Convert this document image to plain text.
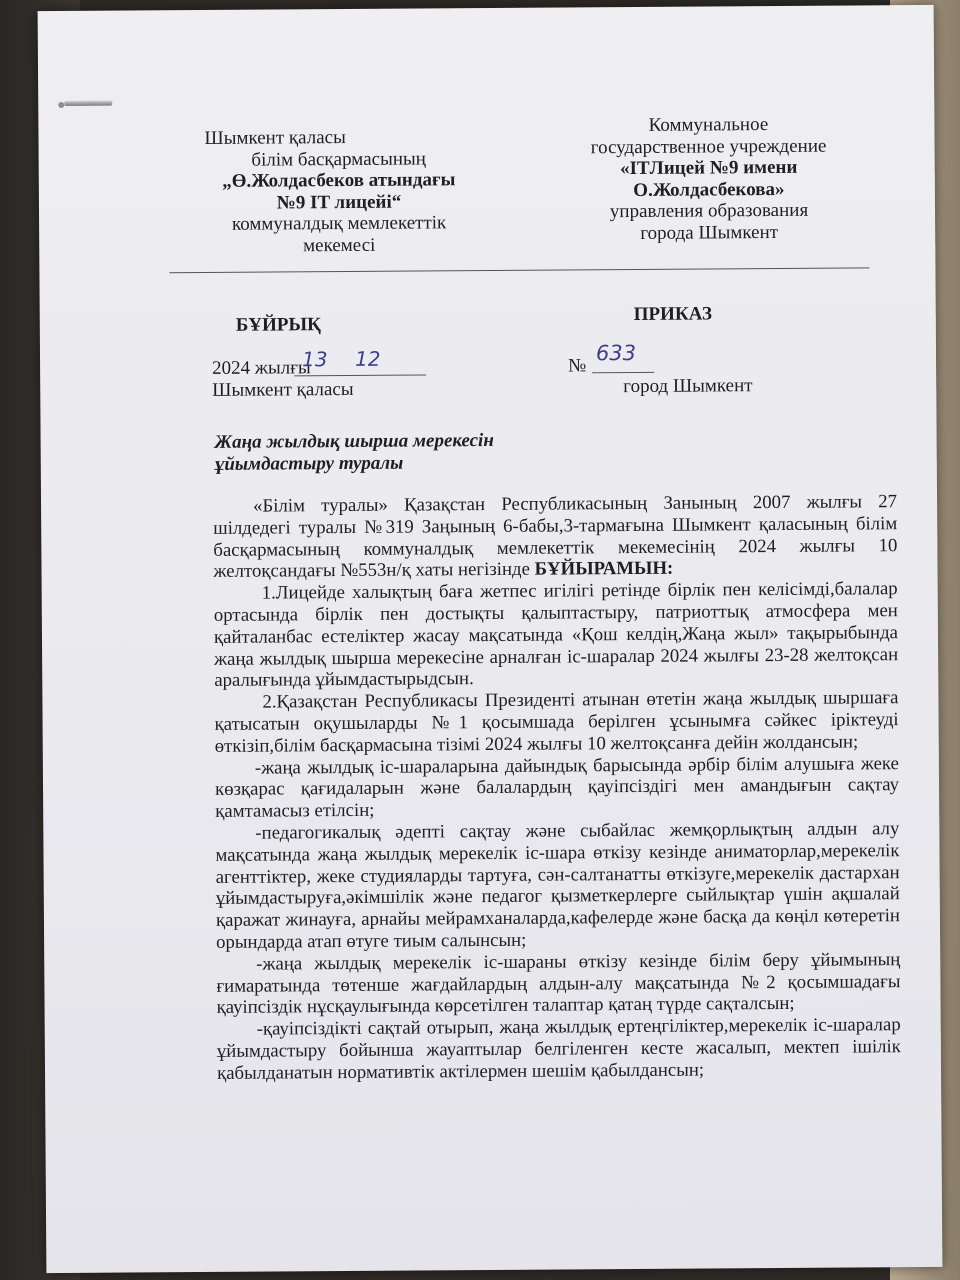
Шымкент қаласы
білім басқармасының
„Ө.Жолдасбеков атындағы
№9 IT лицейі“
коммуналдық мемлекеттік
мекемесі
Коммунальное
государственное учреждение
«ITЛицей №9 имени
О.Жолдасбекова»
управления образования
города Шымкент
БҰЙРЫҚ	ПРИКАЗ
2024 жылғы
13 12
Шымкент қаласы
№
633
город Шымкент
Жаңа жылдық шырша мерекесін
ұйымдастыру туралы

«Білім туралы» Қазақстан Республикасының Занының 2007 жылғы 27 шілдедегі туралы №319 Заңының 6-бабы,3-тармағына Шымкент қаласының білім басқармасының коммуналдық мемлекеттік мекемесінің 2024 жылғы 10 желтоқсандағы №553н/қ хаты негізінде БҰЙЫРАМЫН:

1.Лицейде халықтың баға жетпес игілігі ретінде бірлік пен келісімді,балалар ортасында бірлік пен достықты қалыптастыру, патриоттық атмосфера мен қайталанбас естеліктер жасау мақсатында «Қош келдің,Жаңа жыл» тақырыбында жаңа жылдық шырша мерекесіне арналған іс-шаралар 2024 жылғы 23-28 желтоқсан аралығында ұйымдастырыдсын.

2.Қазақстан Республикасы Президенті атынан өтетін жаңа жылдық шыршаға қатысатын оқушыларды №1 қосымшада берілген ұсынымға сәйкес іріктеуді өткізіп,білім басқармасына тізімі 2024 жылғы 10 желтоқсанға дейін жолдансын;

-жаңа жылдық іс-шараларына дайындық барысында әрбір білім алушыға жеке көзқарас қағидаларын және балалардың қауіпсіздігі мен амандығын сақтау қамтамасыз етілсін;

-педагогикалық әдепті сақтау және сыбайлас жемқорлықтың алдын алу мақсатында жаңа жылдық мерекелік іс-шара өткізу кезінде аниматорлар,мерекелік агенттіктер, жеке студияларды тартуға, сән-салтанатты өткізуге,мерекелік дастархан ұйымдастыруға,әкімшілік және педагог қызметкерлерге сыйлықтар үшін ақшалай қаражат жинауға, арнайы мейрамханаларда,кафелерде және басқа да көңіл көтеретін орындарда атап өтуге тиым салынсын;

-жаңа жылдық мерекелік іс-шараны өткізу кезінде білім беру ұйымының ғимаратында төтенше жағдайлардың алдын-алу мақсатында №2 қосымшадағы қауіпсіздік нұсқаулығында көрсетілген талаптар қатаң түрде сақталсын;

-қауіпсіздікті сақтай отырып, жаңа жылдық ертеңгіліктер,мерекелік іс-шаралар ұйымдастыру бойынша жауаптылар белгіленген кесте жасалып, мектеп ішілік қабылданатын нормативтік актілермен шешім қабылдансын;
